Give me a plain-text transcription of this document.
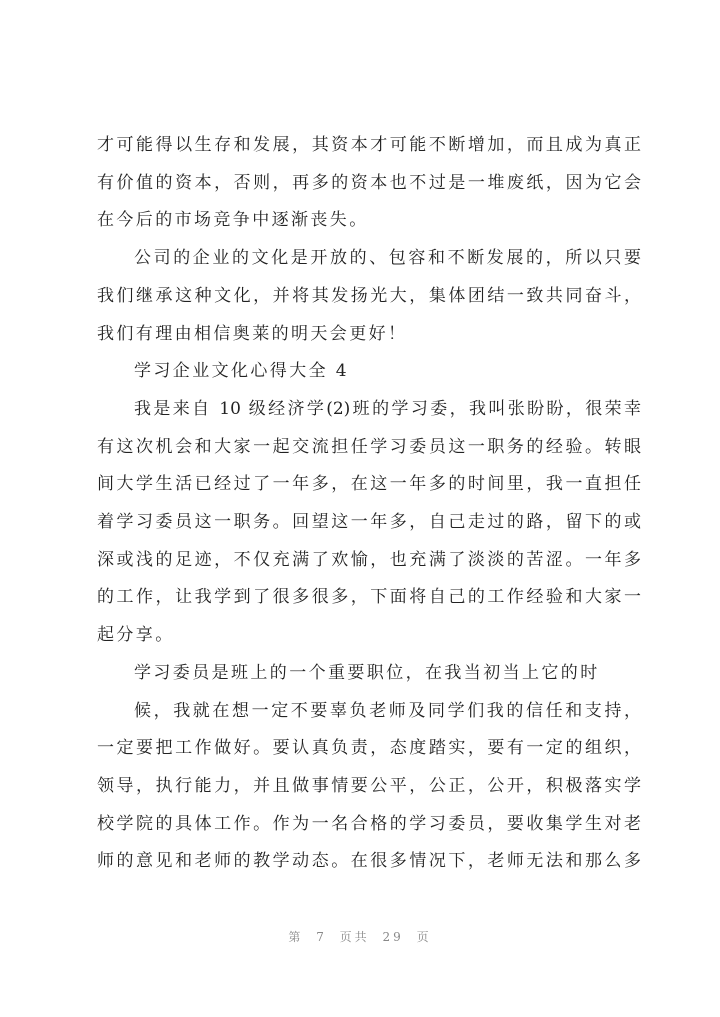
才可能得以生存和发展，其资本才可能不断增加，而且成为真正
有价值的资本，否则，再多的资本也不过是一堆废纸，因为它会
在今后的市场竞争中逐渐丧失。
公司的企业的文化是开放的、包容和不断发展的，所以只要
我们继承这种文化，并将其发扬光大，集体团结一致共同奋斗，
我们有理由相信奥莱的明天会更好！
学习企业文化心得大全 4
我是来自 10 级经济学(2)班的学习委，我叫张盼盼，很荣幸
有这次机会和大家一起交流担任学习委员这一职务的经验。转眼
间大学生活已经过了一年多，在这一年多的时间里，我一直担任
着学习委员这一职务。回望这一年多，自己走过的路，留下的或
深或浅的足迹，不仅充满了欢愉，也充满了淡淡的苦涩。一年多
的工作，让我学到了很多很多，下面将自己的工作经验和大家一
起分享。
学习委员是班上的一个重要职位，在我当初当上它的时
候，我就在想一定不要辜负老师及同学们我的信任和支持，
一定要把工作做好。要认真负责，态度踏实，要有一定的组织，
领导，执行能力，并且做事情要公平，公正，公开，积极落实学
校学院的具体工作。作为一名合格的学习委员，要收集学生对老
师的意见和老师的教学动态。在很多情况下，老师无法和那么多
第 7 页共 29 页
